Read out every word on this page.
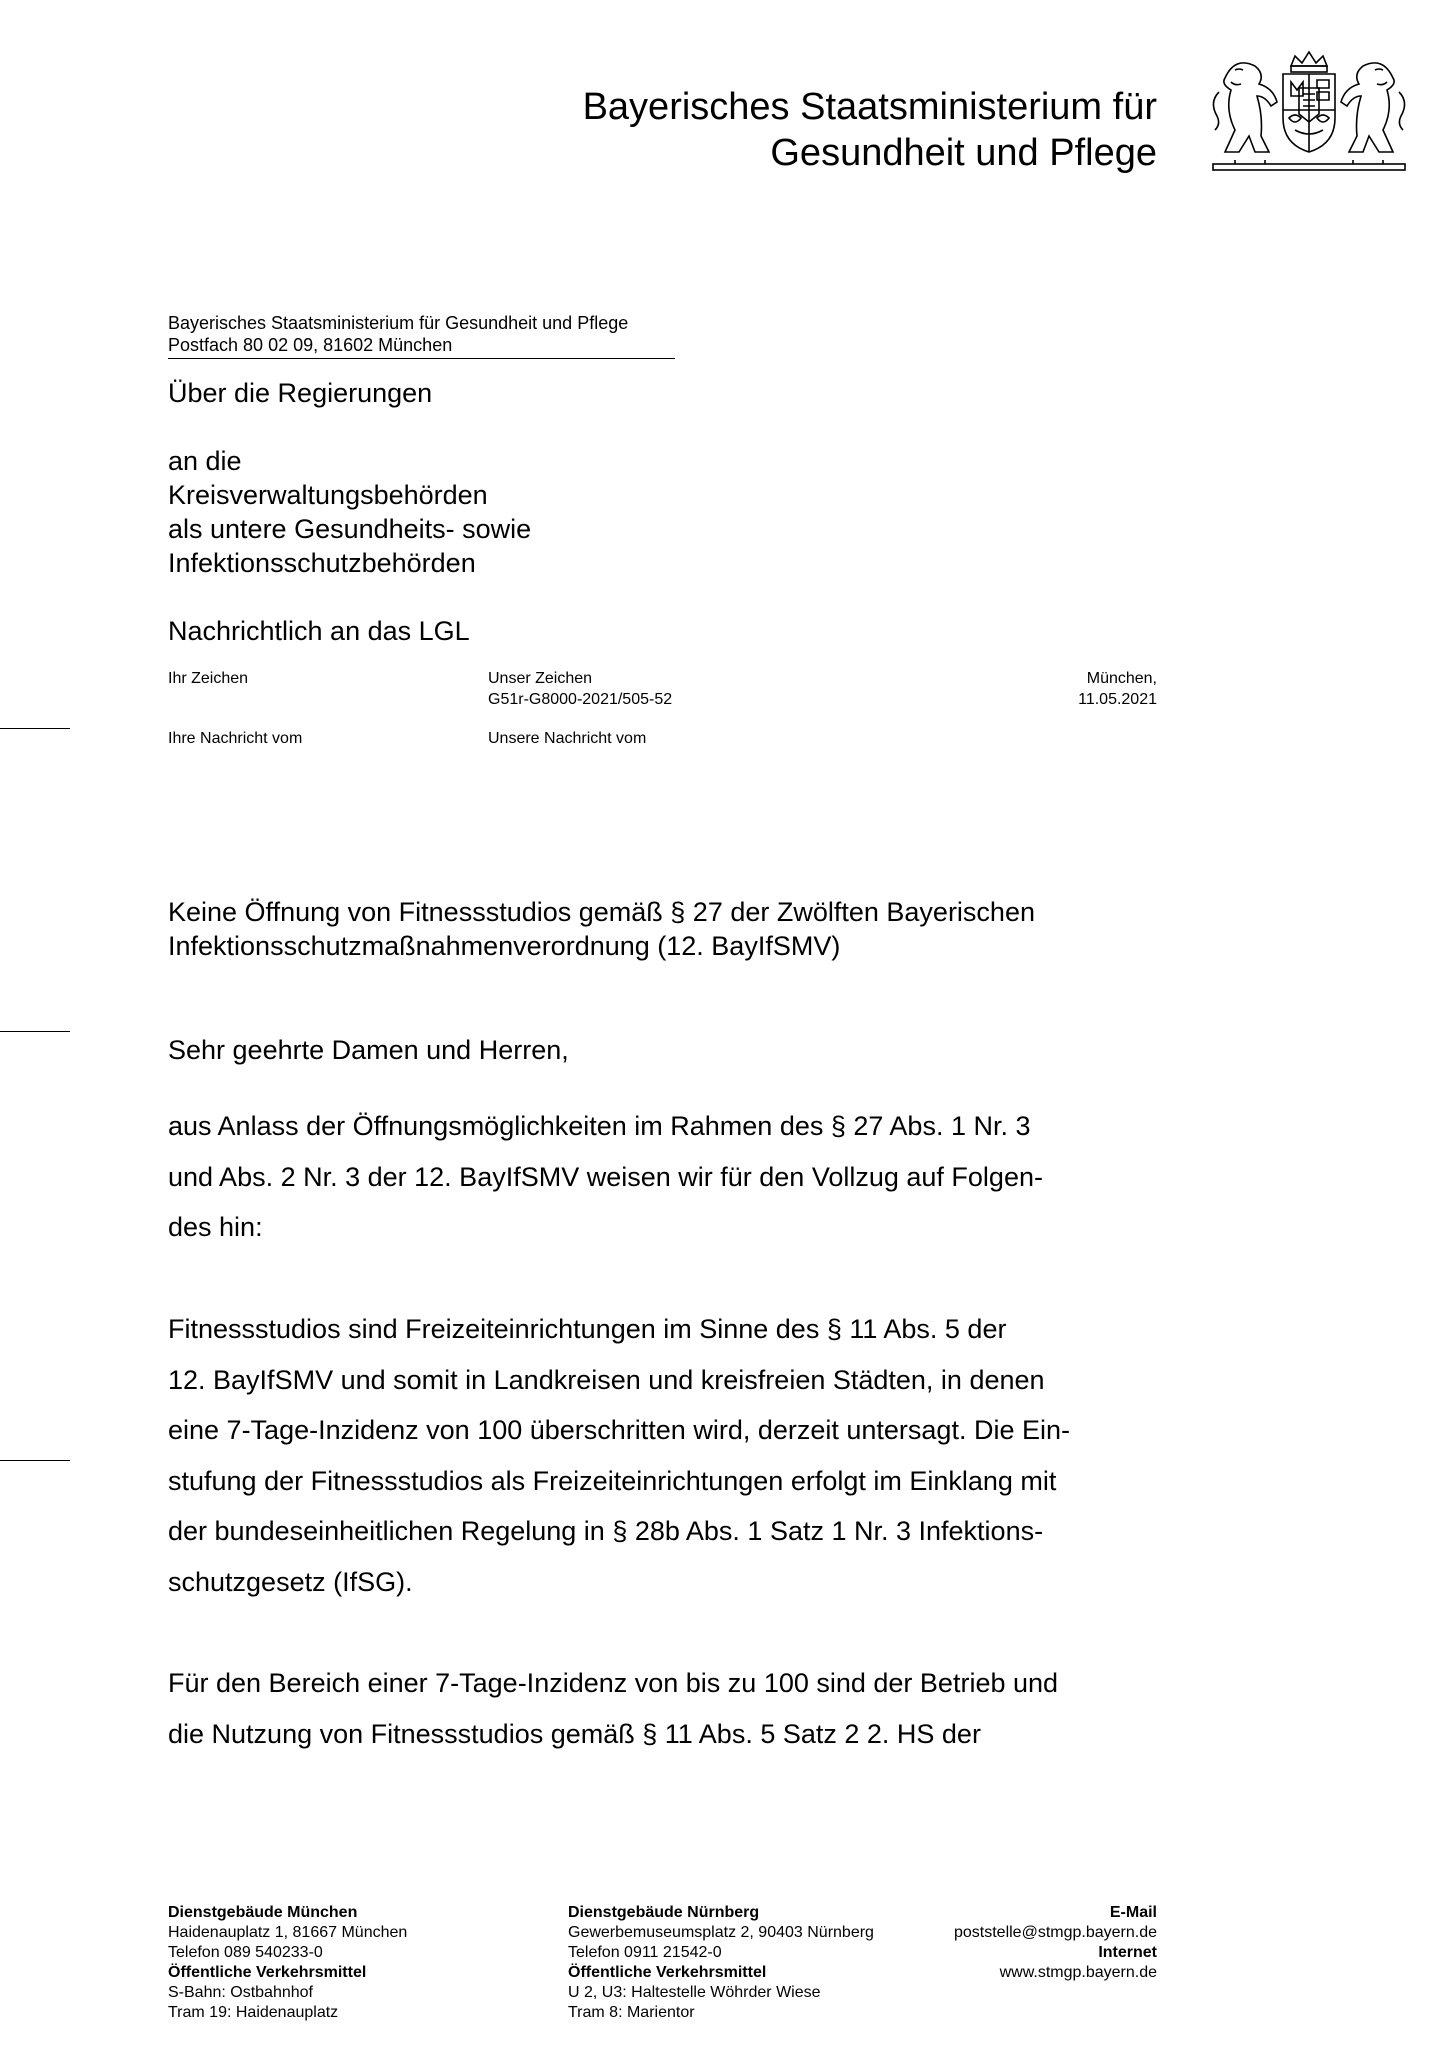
Bayerisches Staatsministerium für
Gesundheit und Pflege
Bayerisches Staatsministerium für Gesundheit und Pflege
Postfach 80 02 09, 81602 München
Über die Regierungen
an die
Kreisverwaltungsbehörden
als untere Gesundheits- sowie
Infektionsschutzbehörden
Nachrichtlich an das LGL
Ihr Zeichen	Unser Zeichen
G51r-G8000-2021/505-52
München,
11.05.2021
Ihre Nachricht vom	Unsere Nachricht vom
Keine Öffnung von Fitnessstudios gemäß § 27 der Zwölften Bayerischen
Infektionsschutzmaßnahmenverordnung (12. BayIfSMV)
Sehr geehrte Damen und Herren,
aus Anlass der Öffnungsmöglichkeiten im Rahmen des § 27 Abs. 1 Nr. 3
und Abs. 2 Nr. 3 der 12. BayIfSMV weisen wir für den Vollzug auf Folgen-
des hin:
Fitnessstudios sind Freizeiteinrichtungen im Sinne des § 11 Abs. 5 der
12. BayIfSMV und somit in Landkreisen und kreisfreien Städten, in denen
eine 7-Tage-Inzidenz von 100 überschritten wird, derzeit untersagt. Die Ein-
stufung der Fitnessstudios als Freizeiteinrichtungen erfolgt im Einklang mit
der bundeseinheitlichen Regelung in § 28b Abs. 1 Satz 1 Nr. 3 Infektions-
schutzgesetz (IfSG).
Für den Bereich einer 7-Tage-Inzidenz von bis zu 100 sind der Betrieb und
die Nutzung von Fitnessstudios gemäß § 11 Abs. 5 Satz 2 2. HS der
Dienstgebäude München
Haidenauplatz 1, 81667 München
Telefon 089 540233-0
Öffentliche Verkehrsmittel
S-Bahn: Ostbahnhof
Tram 19: Haidenauplatz
Dienstgebäude Nürnberg
Gewerbemuseumsplatz 2, 90403 Nürnberg
Telefon 0911 21542-0
Öffentliche Verkehrsmittel
U 2, U3: Haltestelle Wöhrder Wiese
Tram 8: Marientor
E-Mail
poststelle@stmgp.bayern.de
Internet
www.stmgp.bayern.de
